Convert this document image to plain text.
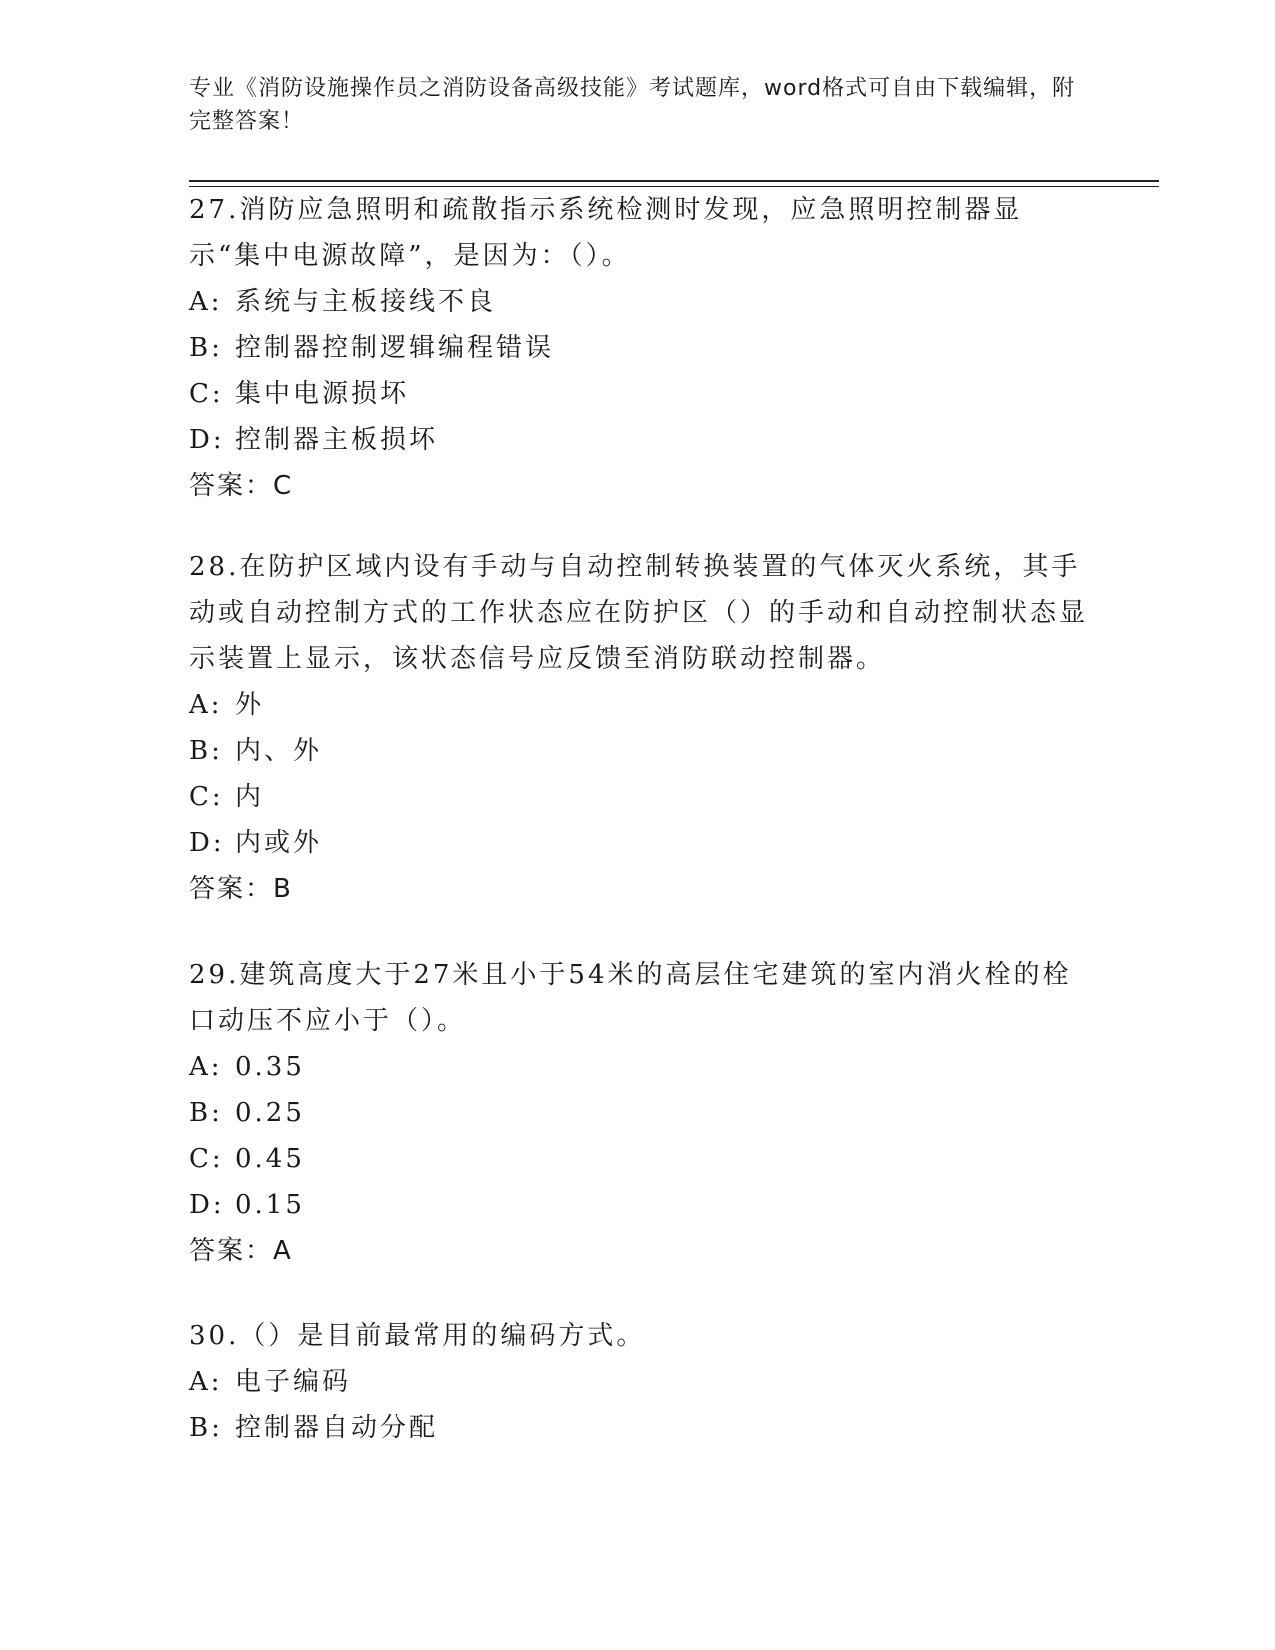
专业《消防设施操作员之消防设备高级技能》考试题库，word格式可自由下载编辑，附完整答案！

27.消防应急照明和疏散指示系统检测时发现，应急照明控制器显示“集中电源故障”，是因为：（）。

A: 系统与主板接线不良

B: 控制器控制逻辑编程错误

C: 集中电源损坏

D: 控制器主板损坏

答案：C

28.在防护区域内设有手动与自动控制转换装置的气体灭火系统，其手动或自动控制方式的工作状态应在防护区（）的手动和自动控制状态显示装置上显示，该状态信号应反馈至消防联动控制器。

A: 外

B: 内、外

C: 内

D: 内或外

答案：B

29.建筑高度大于27米且小于54米的高层住宅建筑的室内消火栓的栓口动压不应小于（）。

A: 0.35

B: 0.25

C: 0.45

D: 0.15

答案：A

30.（）是目前最常用的编码方式。

A: 电子编码

B: 控制器自动分配
